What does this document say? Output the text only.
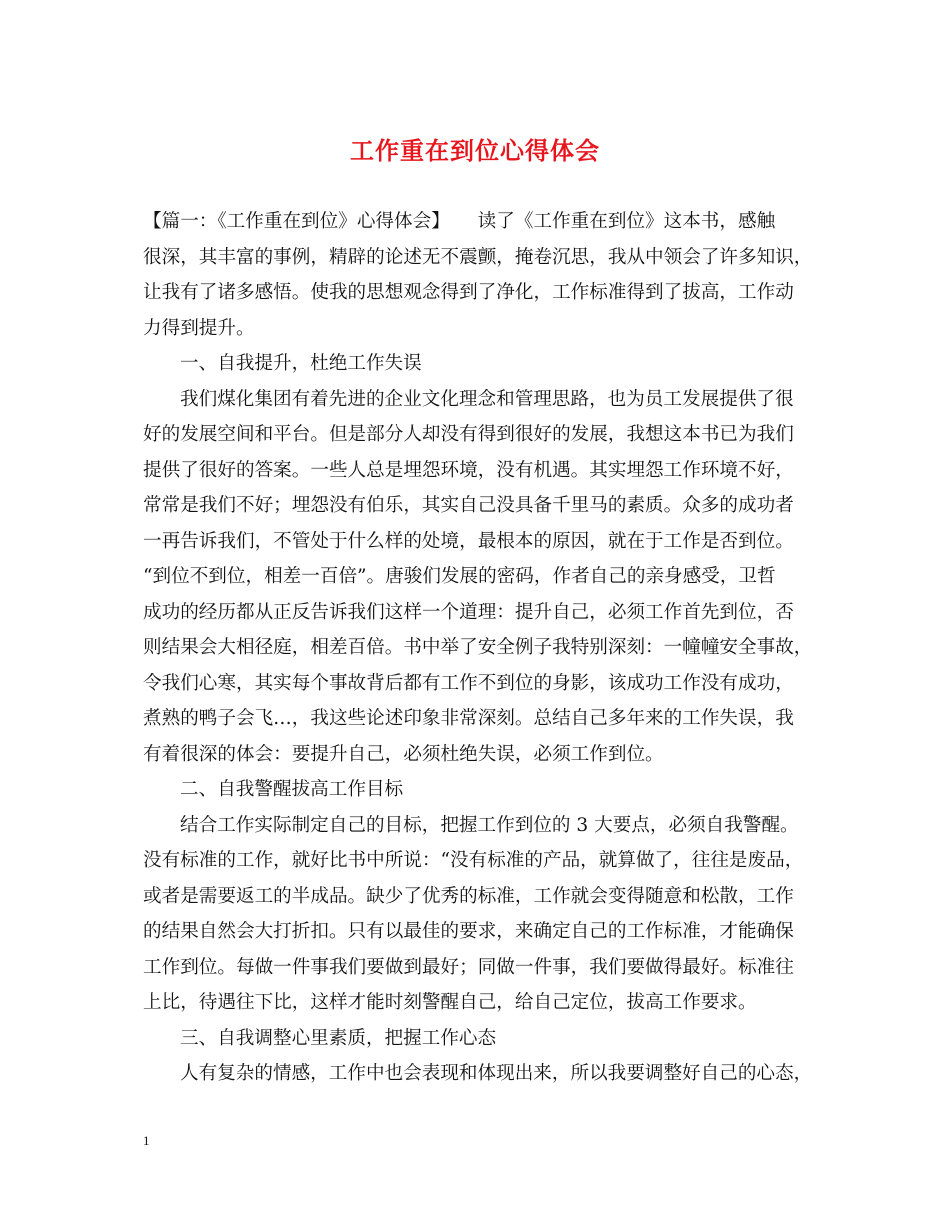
工作重在到位心得体会
【篇一：《工作重在到位》心得体会】　　读了《工作重在到位》这本书，感触
很深，其丰富的事例，精辟的论述无不震颤，掩卷沉思，我从中领会了许多知识，
让我有了诸多感悟。使我的思想观念得到了净化，工作标准得到了拔高，工作动
力得到提升。
一、自我提升，杜绝工作失误
我们煤化集团有着先进的企业文化理念和管理思路，也为员工发展提供了很
好的发展空间和平台。但是部分人却没有得到很好的发展，我想这本书已为我们
提供了很好的答案。一些人总是埋怨环境，没有机遇。其实埋怨工作环境不好，
常常是我们不好；埋怨没有伯乐，其实自己没具备千里马的素质。众多的成功者
一再告诉我们，不管处于什么样的处境，最根本的原因，就在于工作是否到位。
“到位不到位，相差一百倍”。唐骏们发展的密码，作者自己的亲身感受，卫哲
成功的经历都从正反告诉我们这样一个道理：提升自己，必须工作首先到位，否
则结果会大相径庭，相差百倍。书中举了安全例子我特别深刻：一幢幢安全事故，
令我们心寒，其实每个事故背后都有工作不到位的身影，该成功工作没有成功，
煮熟的鸭子会飞…，我这些论述印象非常深刻。总结自己多年来的工作失误，我
有着很深的体会：要提升自己，必须杜绝失误，必须工作到位。
二、自我警醒拔高工作目标
结合工作实际制定自己的目标，把握工作到位的 3 大要点，必须自我警醒。
没有标准的工作，就好比书中所说：“没有标准的产品，就算做了，往往是废品，
或者是需要返工的半成品。缺少了优秀的标准，工作就会变得随意和松散，工作
的结果自然会大打折扣。只有以最佳的要求，来确定自己的工作标准，才能确保
工作到位。每做一件事我们要做到最好；同做一件事，我们要做得最好。标准往
上比，待遇往下比，这样才能时刻警醒自己，给自己定位，拔高工作要求。
三、自我调整心里素质，把握工作心态
人有复杂的情感，工作中也会表现和体现出来，所以我要调整好自己的心态，
1
